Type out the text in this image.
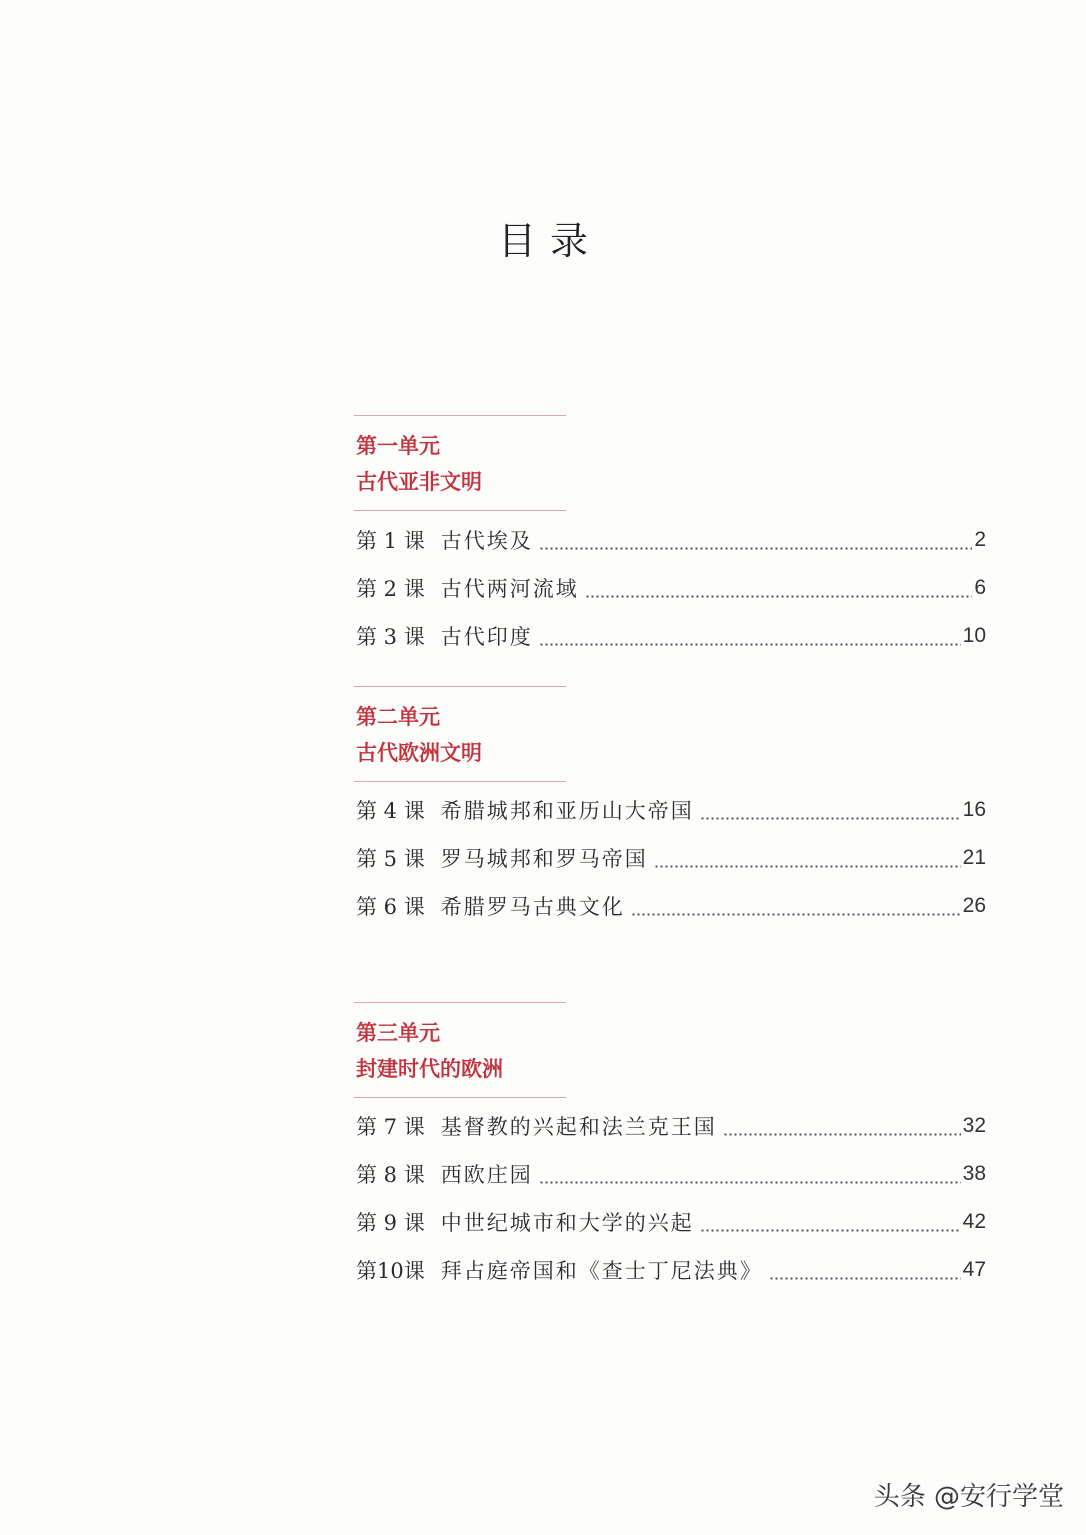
目录
第一单元
古代亚非文明
第 1 课 古代埃及	2
第 2 课 古代两河流域	6
第 3 课 古代印度	10
第二单元
古代欧洲文明
第 4 课 希腊城邦和亚历山大帝国	16
第 5 课 罗马城邦和罗马帝国	21
第 6 课 希腊罗马古典文化	26
第三单元
封建时代的欧洲
第 7 课 基督教的兴起和法兰克王国	32
第 8 课 西欧庄园	38
第 9 课 中世纪城市和大学的兴起	42
第10课 拜占庭帝国和《查士丁尼法典》	47
头条 @安行学堂
